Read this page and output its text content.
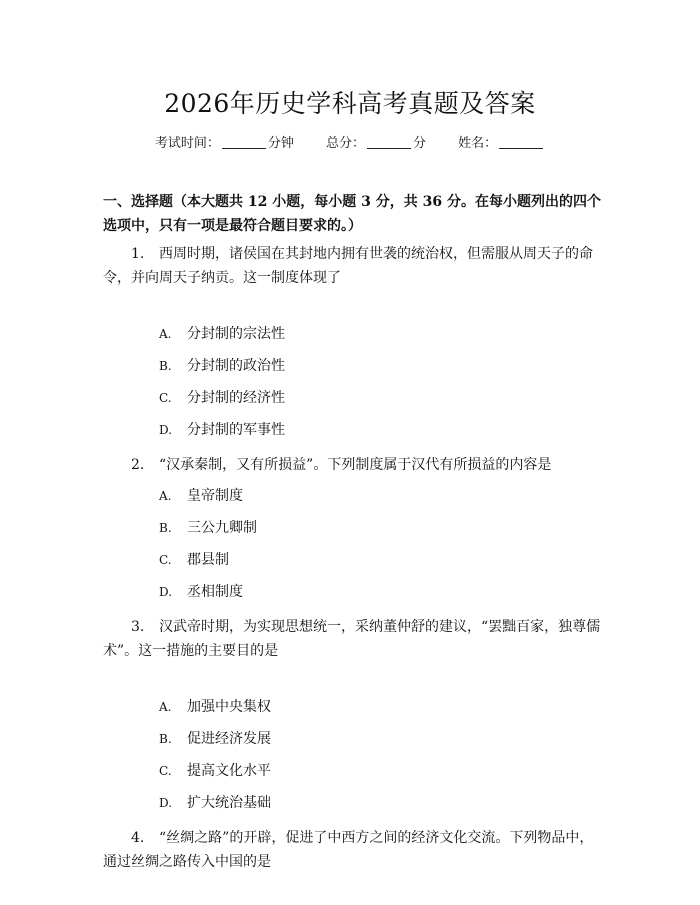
2026年历史学科高考真题及答案
考试时间：	分钟 总分：	分 姓名：
一、选择题（本大题共 12 小题，每小题 3 分，共 36 分。在每小题列出的四个选项中，只有一项是最符合题目要求的。）
1. 西周时期，诸侯国在其封地内拥有世袭的统治权，但需服从周天子的命令，并向周天子纳贡。这一制度体现了
A. 分封制的宗法性
B. 分封制的政治性
C. 分封制的经济性
D. 分封制的军事性
2. “汉承秦制，又有所损益”。下列制度属于汉代有所损益的内容是
A. 皇帝制度
B. 三公九卿制
C. 郡县制
D. 丞相制度
3. 汉武帝时期，为实现思想统一，采纳董仲舒的建议，“罢黜百家，独尊儒术”。这一措施的主要目的是
A. 加强中央集权
B. 促进经济发展
C. 提高文化水平
D. 扩大统治基础
4. “丝绸之路”的开辟，促进了中西方之间的经济文化交流。下列物品中，通过丝绸之路传入中国的是
